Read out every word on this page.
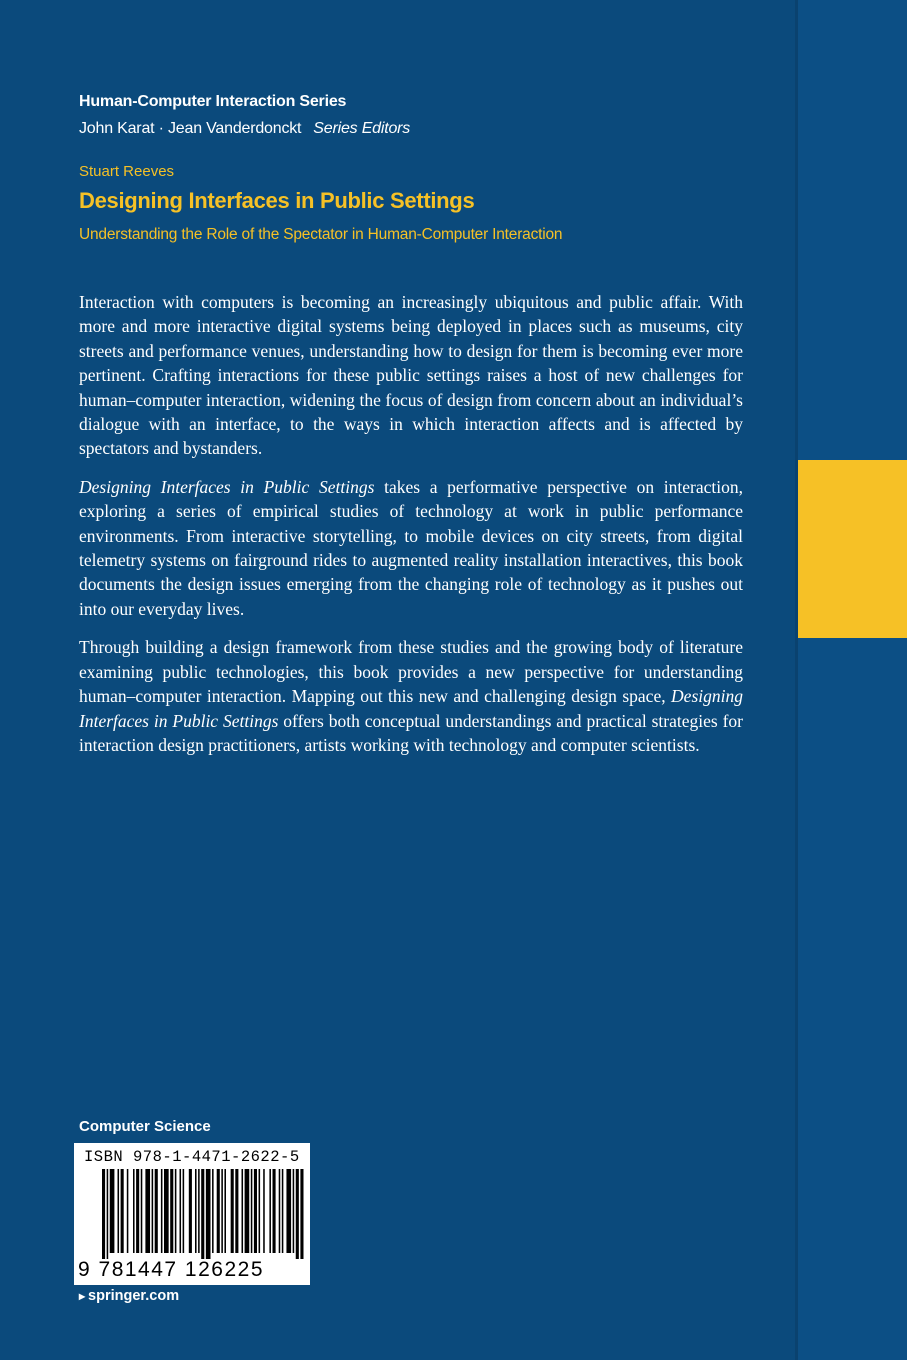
Human-Computer Interaction Series
John Karat · Jean Vanderdonckt Series Editors
Stuart Reeves
Designing Interfaces in Public Settings
Understanding the Role of the Spectator in Human-Computer Interaction

Interaction with computers is becoming an increasingly ubiquitous and public affair. With more and more interactive digital systems being deployed in places such as museums, city streets and performance venues, understanding how to design for them is becoming ever more pertinent. Crafting interactions for these public settings raises a host of new challenges for human–computer interaction, widening the focus of design from concern about an individual’s dialogue with an interface, to the ways in which interaction affects and is affected by spectators and bystanders.

Designing Interfaces in Public Settings takes a performative perspective on interaction, exploring a series of empirical studies of technology at work in public performance environments. From interactive storytelling, to mobile devices on city streets, from digital telemetry systems on fairground rides to augmented reality installation interactives, this book documents the design issues emerging from the changing role of technology as it pushes out into our everyday lives.

Through building a design framework from these studies and the growing body of literature examining public technologies, this book provides a new perspective for understanding human–computer interaction. Mapping out this new and challenging design space, Designing Interfaces in Public Settings offers both conceptual understandings and practical strategies for interaction design practitioners, artists working with technology and computer scientists.

Computer Science
ISBN 978-1-4471-2622-5
9 781447 126225
▸ springer.com
